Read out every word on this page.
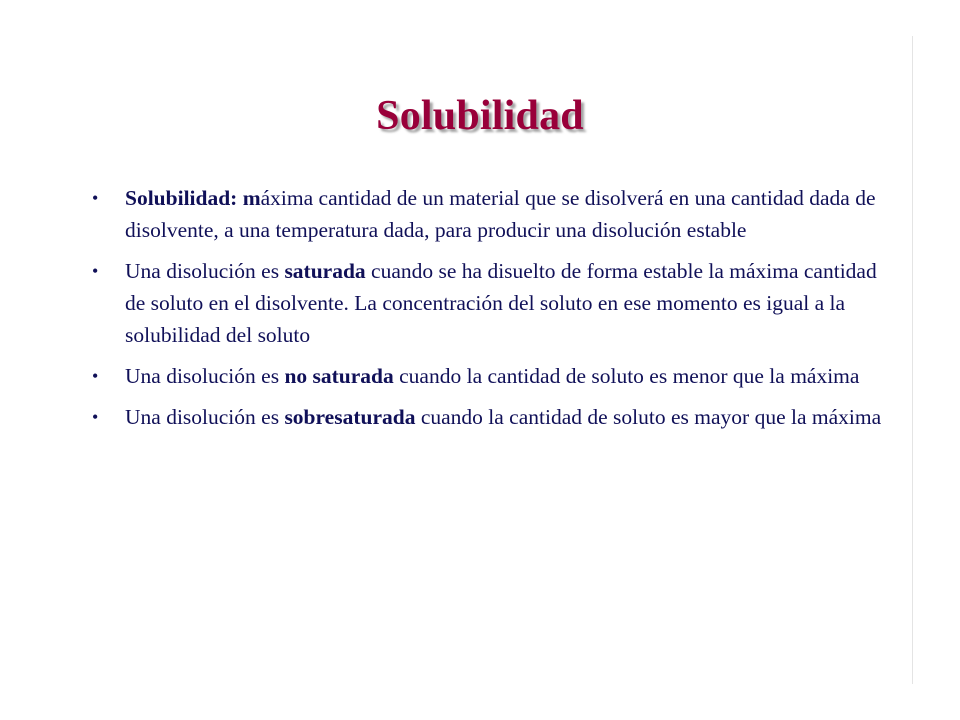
Solubilidad
• Solubilidad: máxima cantidad de un material que se disolverá en una cantidad dada de disolvente, a una temperatura dada, para producir una disolución estable
• Una disolución es saturada cuando se ha disuelto de forma estable la máxima cantidad de soluto en el disolvente. La concentración del soluto en ese momento es igual a la solubilidad del soluto
• Una disolución es no saturada cuando la cantidad de soluto es menor que la máxima
• Una disolución es sobresaturada cuando la cantidad de soluto es mayor que la máxima
